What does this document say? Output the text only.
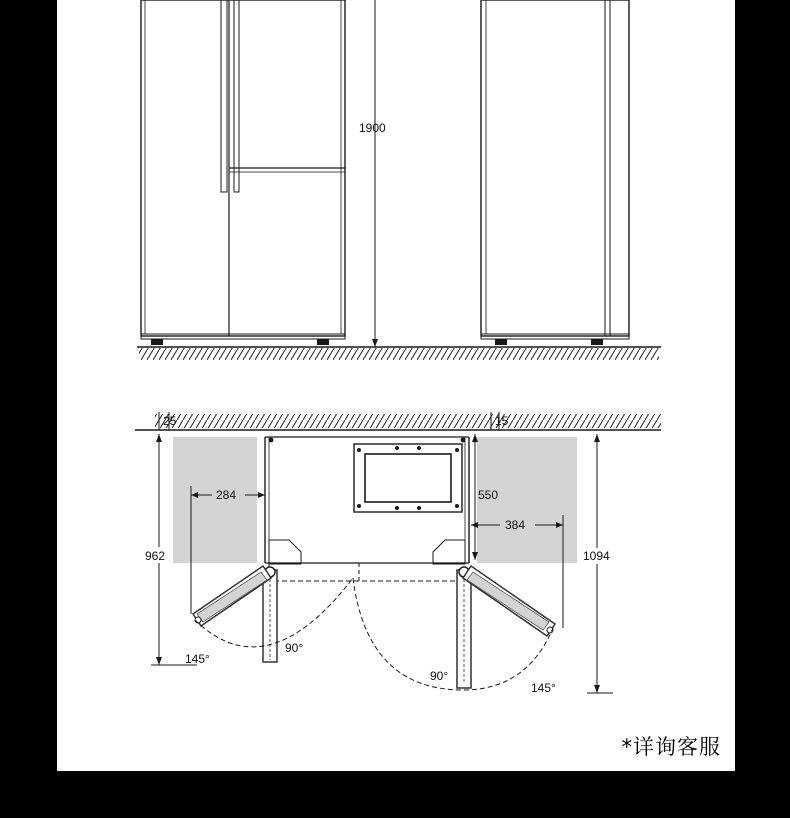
1900
25	15
284
384
550
962	1094
145°
90°
90°
145°
*详询客服
